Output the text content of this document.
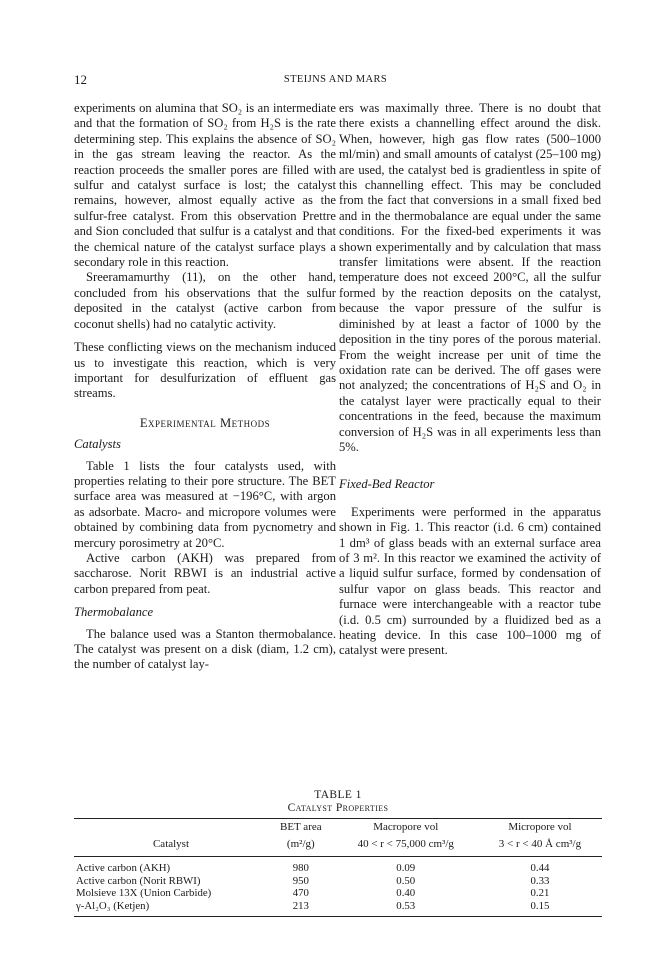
12	STEIJNS AND MARS

experiments on alumina that SO₂ is an intermediate and that the formation of SO₂ from H₂S is the rate determining step. This explains the absence of SO₂ in the gas stream leaving the reactor. As the reaction proceeds the smaller pores are filled with sulfur and catalyst surface is lost; the catalyst remains, however, almost equally active as the sulfur-free catalyst. From this observation Prettre and Sion concluded that sulfur is a catalyst and that the chemical nature of the catalyst surface plays a secondary role in this reaction.

Sreeramamurthy (11), on the other hand, concluded from his observations that the sulfur deposited in the catalyst (active carbon from coconut shells) had no catalytic activity.

These conflicting views on the mechanism induced us to investigate this reaction, which is very important for desulfurization of effluent gas streams.

Experimental Methods
Catalysts

Table 1 lists the four catalysts used, with properties relating to their pore structure. The BET surface area was measured at −196°C, with argon as adsorbate. Macro- and micropore volumes were obtained by combining data from pycnometry and mercury porosimetry at 20°C.

Active carbon (AKH) was prepared from saccharose. Norit RBWI is an industrial active carbon prepared from peat.

Thermobalance

The balance used was a Stanton thermobalance. The catalyst was present on a disk (diam, 1.2 cm), the number of catalyst lay-

ers was maximally three. There is no doubt that there exists a channelling effect around the disk. When, however, high gas flow rates (500–1000 ml/min) and small amounts of catalyst (25–100 mg) are used, the catalyst bed is gradientless in spite of this channelling effect. This may be concluded from the fact that conversions in a small fixed bed and in the thermobalance are equal under the same conditions. For the fixed-bed experiments it was shown experimentally and by calculation that mass transfer limitations were absent. If the reaction temperature does not exceed 200°C, all the sulfur formed by the reaction deposits on the catalyst, because the vapor pressure of the sulfur is diminished by at least a factor of 1000 by the deposition in the tiny pores of the porous material. From the weight increase per unit of time the oxidation rate can be derived. The off gases were not analyzed; the concentrations of H₂S and O₂ in the catalyst layer were practically equal to their concentrations in the feed, because the maximum conversion of H₂S was in all experiments less than 5%.

Fixed-Bed Reactor

Experiments were performed in the apparatus shown in Fig. 1. This reactor (i.d. 6 cm) contained 1 dm³ of glass beads with an external surface area of 3 m². In this reactor we examined the activity of a liquid sulfur surface, formed by condensation of sulfur vapor on glass beads. This reactor and furnace were interchangeable with a reactor tube (i.d. 0.5 cm) surrounded by a fluidized bed as a heating device. In this case 100–1000 mg of catalyst were present.

TABLE 1
Catalyst Properties
	BET area	Macropore vol	Micropore vol
Catalyst	(m²/g)	40 < r < 75,000 cm³/g	3 < r < 40 Å cm³/g
Active carbon (AKH)	980	0.09	0.44
Active carbon (Norit RBWI)	950	0.50	0.33
Molsieve 13X (Union Carbide)	470	0.40	0.21
γ-Al₂O₃ (Ketjen)	213	0.53	0.15
